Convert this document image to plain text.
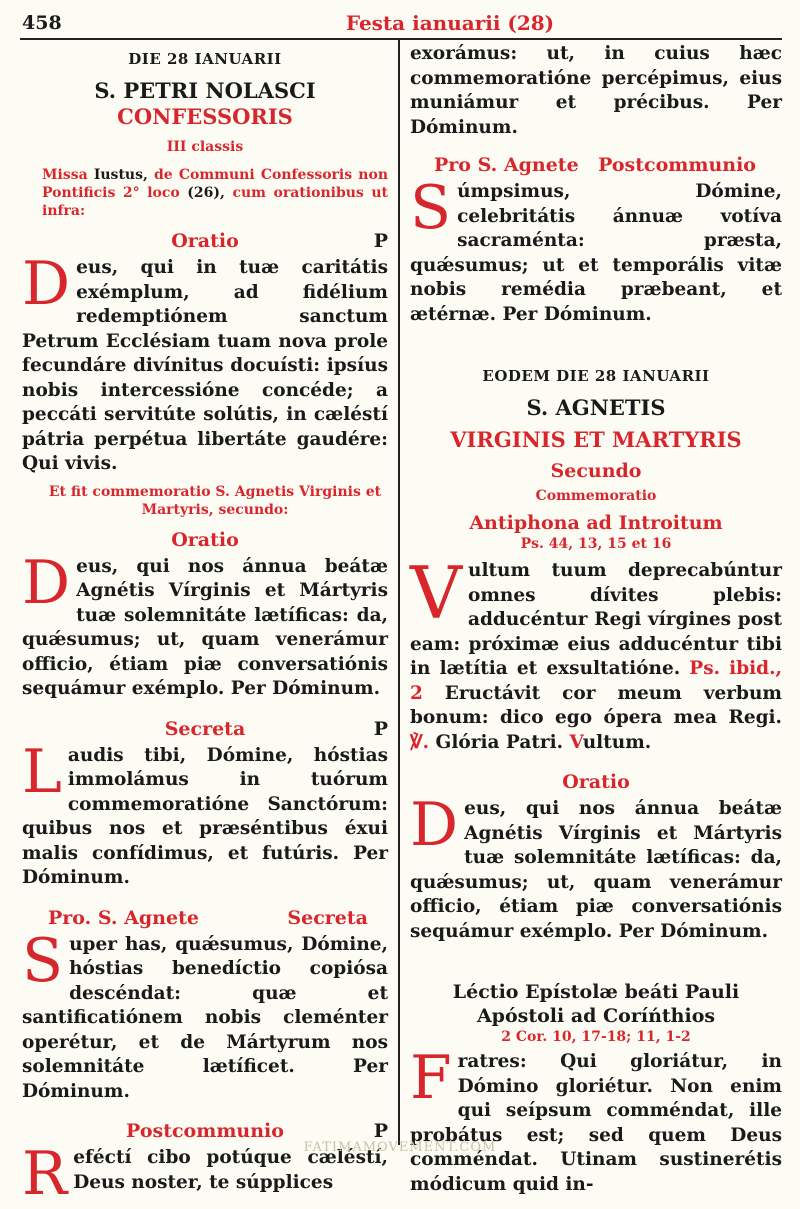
458	Festa ianuarii (28)
DIE 28 IANUARII
S. PETRI NOLASCI
CONFESSORIS
III classis
Missa Iustus, de Communi Confessoris non Pontificis 2° loco (26), cum orationibus ut infra:
Oratio	P
Deus, qui in tuæ caritátis exémplum, ad fidélium redemptiónem sanctum Petrum Ecclésiam tuam nova prole fecundáre divínitus docuísti: ipsíus nobis intercessióne concéde; a peccáti servitúte solútis, in cæléstí pátria perpétua libertáte gaudére: Qui vivis.
Et fit commemoratio S. Agnetis Virginis et Martyris, secundo:
Oratio
Deus, qui nos ánnua beátæ Agnétis Vírginis et Mártyris tuæ solemnitáte lætíficas: da, quǽsumus; ut, quam venerámur officio, étiam piæ conversatiónis sequámur exémplo. Per Dóminum.
Secreta	P
Laudis tibi, Dómine, hóstias immolámus in tuórum commemoratióne Sanctórum: quibus nos et præséntibus éxui malis confídimus, et futúris. Per Dóminum.
Pro. S. Agnete	Secreta
Super has, quǽsumus, Dómine, hóstias benedíctio copiósa descéndat: quæ et santificatiónem nobis cleménter operétur, et de Mártyrum nos solemnitáte lætíficet. Per Dóminum.
Postcommunio	P
Reféctí cibo potúque cæléstí, Deus noster, te súpplices
exorámus: ut, in cuius hæc commemoratióne percépimus, eius muniámur et précibus. Per Dóminum.
Pro S. Agnete Postcommunio
Súmpsimus, Dómine, celebritátis ánnuæ votíva sacraménta: præsta, quǽsumus; ut et temporális vitæ nobis remédia præbeant, et ætérnæ. Per Dóminum.
EODEM DIE 28 IANUARII
S. AGNETIS
VIRGINIS ET MARTYRIS
Secundo
Commemoratio
Antiphona ad Introitum
Ps. 44, 13, 15 et 16
Vultum tuum deprecabúntur omnes dívites plebis: adducéntur Regi vírgines post eam: próximæ eius adducéntur tibi in lætítia et exsultatióne. Ps. ibid., 2 Eructávit cor meum verbum bonum: dico ego ópera mea Regi. ℣. Glória Patri. Vultum.
Oratio
Deus, qui nos ánnua beátæ Agnétis Vírginis et Mártyris tuæ solemnitáte lætíficas: da, quǽsumus; ut, quam venerámur officio, étiam piæ conversatiónis sequámur exémplo. Per Dóminum.
Léctio Epístolæ beáti Pauli Apóstoli ad Coríńthios
2 Cor. 10, 17-18; 11, 1-2
Fratres: Qui gloriátur, in Dómino gloriétur. Non enim qui seípsum comméndat, ille probátus est; sed quem Deus comméndat. Utinam sustinerétis módicum quid in-
FATIMAMOVEMENT.COM
